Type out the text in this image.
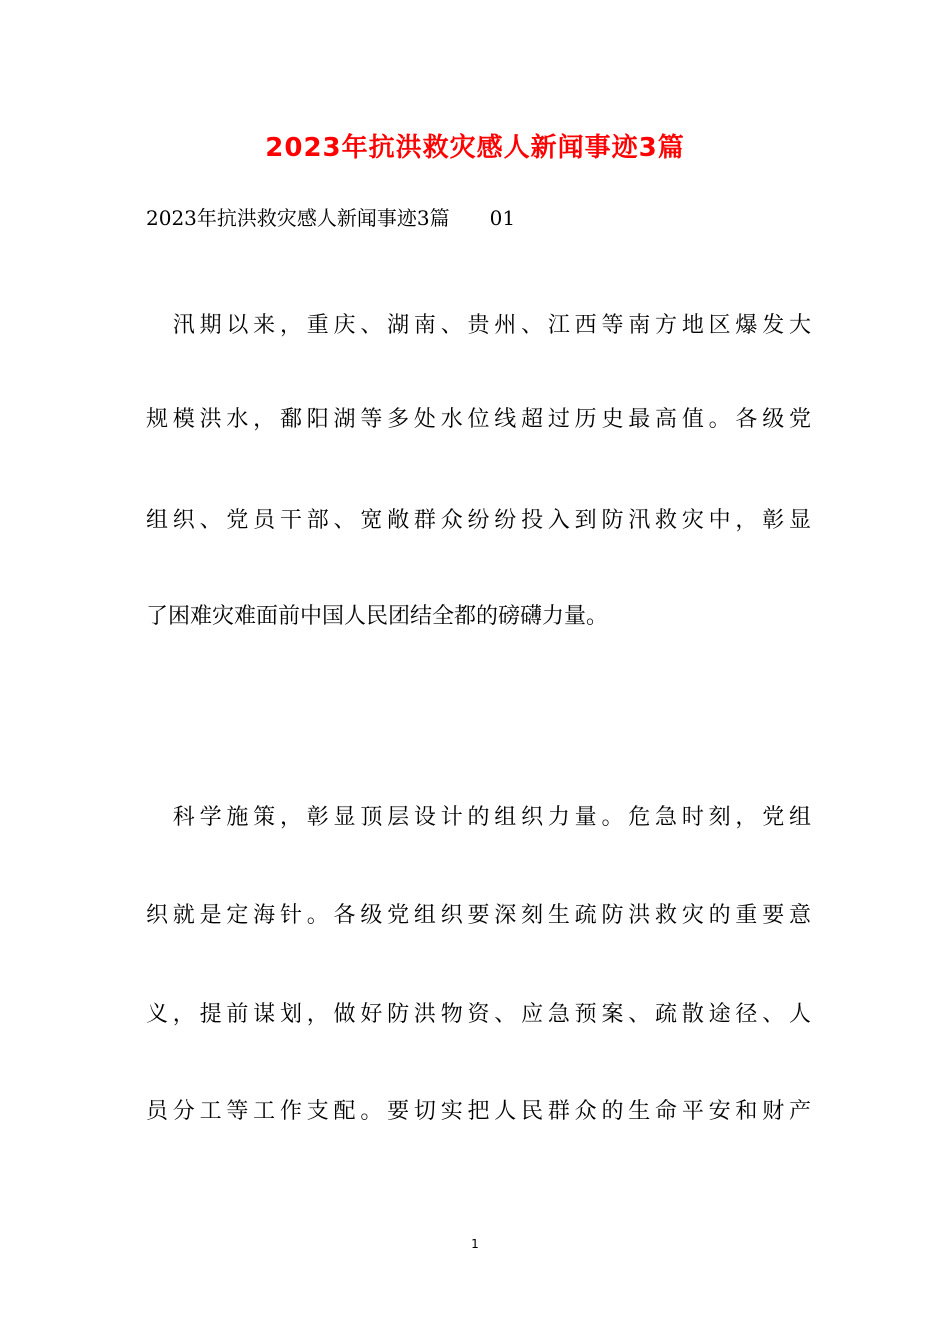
2023年抗洪救灾感人新闻事迹3篇
2023年抗洪救灾感人新闻事迹3篇　　01
　汛期以来，重庆、湖南、贵州、江西等南方地区爆发大
规模洪水，鄱阳湖等多处水位线超过历史最高值。各级党
组织、党员干部、宽敞群众纷纷投入到防汛救灾中，彰显
了困难灾难面前中国人民团结全都的磅礴力量。
　科学施策，彰显顶层设计的组织力量。危急时刻，党组
织就是定海针。各级党组织要深刻生疏防洪救灾的重要意
义，提前谋划，做好防洪物资、应急预案、疏散途径、人
员分工等工作支配。要切实把人民群众的生命平安和财产
1
